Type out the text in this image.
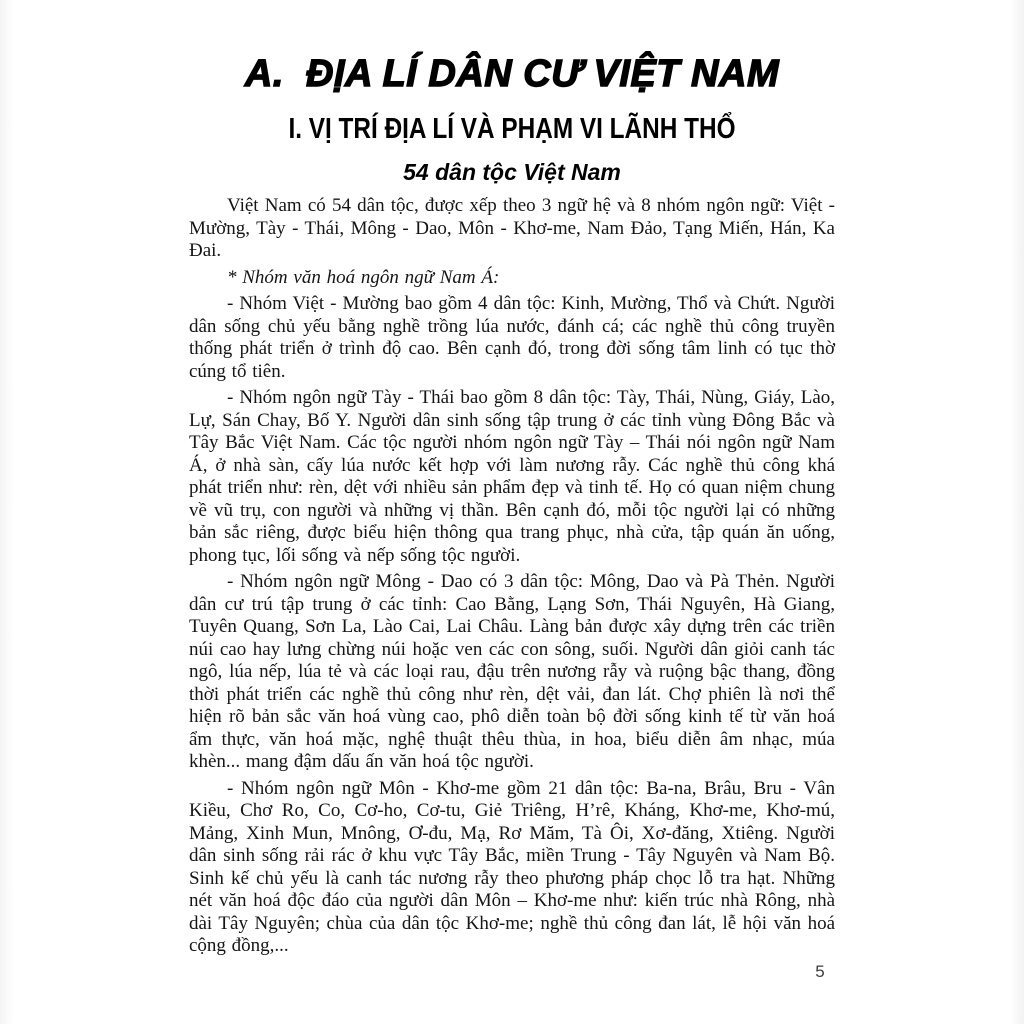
A.  ĐỊA LÍ DÂN CƯ VIỆT NAM
I. VỊ TRÍ ĐỊA LÍ VÀ PHẠM VI LÃNH THỔ
54 dân tộc Việt Nam

Việt Nam có 54 dân tộc, được xếp theo 3 ngữ hệ và 8 nhóm ngôn ngữ: Việt - Mường, Tày - Thái, Mông - Dao, Môn - Khơ-me, Nam Đảo, Tạng Miến, Hán, Ka Đai.

* Nhóm văn hoá ngôn ngữ Nam Á:

- Nhóm Việt - Mường bao gồm 4 dân tộc: Kinh, Mường, Thổ và Chứt. Người dân sống chủ yếu bằng nghề trồng lúa nước, đánh cá; các nghề thủ công truyền thống phát triển ở trình độ cao. Bên cạnh đó, trong đời sống tâm linh có tục thờ cúng tổ tiên.

- Nhóm ngôn ngữ Tày - Thái bao gồm 8 dân tộc: Tày, Thái, Nùng, Giáy, Lào, Lự, Sán Chay, Bố Y. Người dân sinh sống tập trung ở các tỉnh vùng Đông Bắc và Tây Bắc Việt Nam. Các tộc người nhóm ngôn ngữ Tày – Thái nói ngôn ngữ Nam Á, ở nhà sàn, cấy lúa nước kết hợp với làm nương rẫy. Các nghề thủ công khá phát triển như: rèn, dệt với nhiều sản phẩm đẹp và tinh tế. Họ có quan niệm chung về vũ trụ, con người và những vị thần. Bên cạnh đó, mỗi tộc người lại có những bản sắc riêng, được biểu hiện thông qua trang phục, nhà cửa, tập quán ăn uống, phong tục, lối sống và nếp sống tộc người.

- Nhóm ngôn ngữ Mông - Dao có 3 dân tộc: Mông, Dao và Pà Thẻn. Người dân cư trú tập trung ở các tỉnh: Cao Bằng, Lạng Sơn, Thái Nguyên, Hà Giang, Tuyên Quang, Sơn La, Lào Cai, Lai Châu. Làng bản được xây dựng trên các triền núi cao hay lưng chừng núi hoặc ven các con sông, suối. Người dân giỏi canh tác ngô, lúa nếp, lúa tẻ và các loại rau, đậu trên nương rẫy và ruộng bậc thang, đồng thời phát triển các nghề thủ công như rèn, dệt vải, đan lát. Chợ phiên là nơi thể hiện rõ bản sắc văn hoá vùng cao, phô diễn toàn bộ đời sống kinh tế từ văn hoá ẩm thực, văn hoá mặc, nghệ thuật thêu thùa, in hoa, biểu diễn âm nhạc, múa khèn... mang đậm dấu ấn văn hoá tộc người.

- Nhóm ngôn ngữ Môn - Khơ-me gồm 21 dân tộc: Ba-na, Brâu, Bru - Vân Kiều, Chơ Ro, Co, Cơ-ho, Cơ-tu, Giẻ Triêng, H’rê, Kháng, Khơ-me, Khơ-mú, Mảng, Xinh Mun, Mnông, Ơ-đu, Mạ, Rơ Măm, Tà Ôi, Xơ-đăng, Xtiêng. Người dân sinh sống rải rác ở khu vực Tây Bắc, miền Trung - Tây Nguyên và Nam Bộ. Sinh kế chủ yếu là canh tác nương rẫy theo phương pháp chọc lỗ tra hạt. Những nét văn hoá độc đáo của người dân Môn – Khơ-me như: kiến trúc nhà Rông, nhà dài Tây Nguyên; chùa của dân tộc Khơ-me; nghề thủ công đan lát, lễ hội văn hoá cộng đồng,...

5
